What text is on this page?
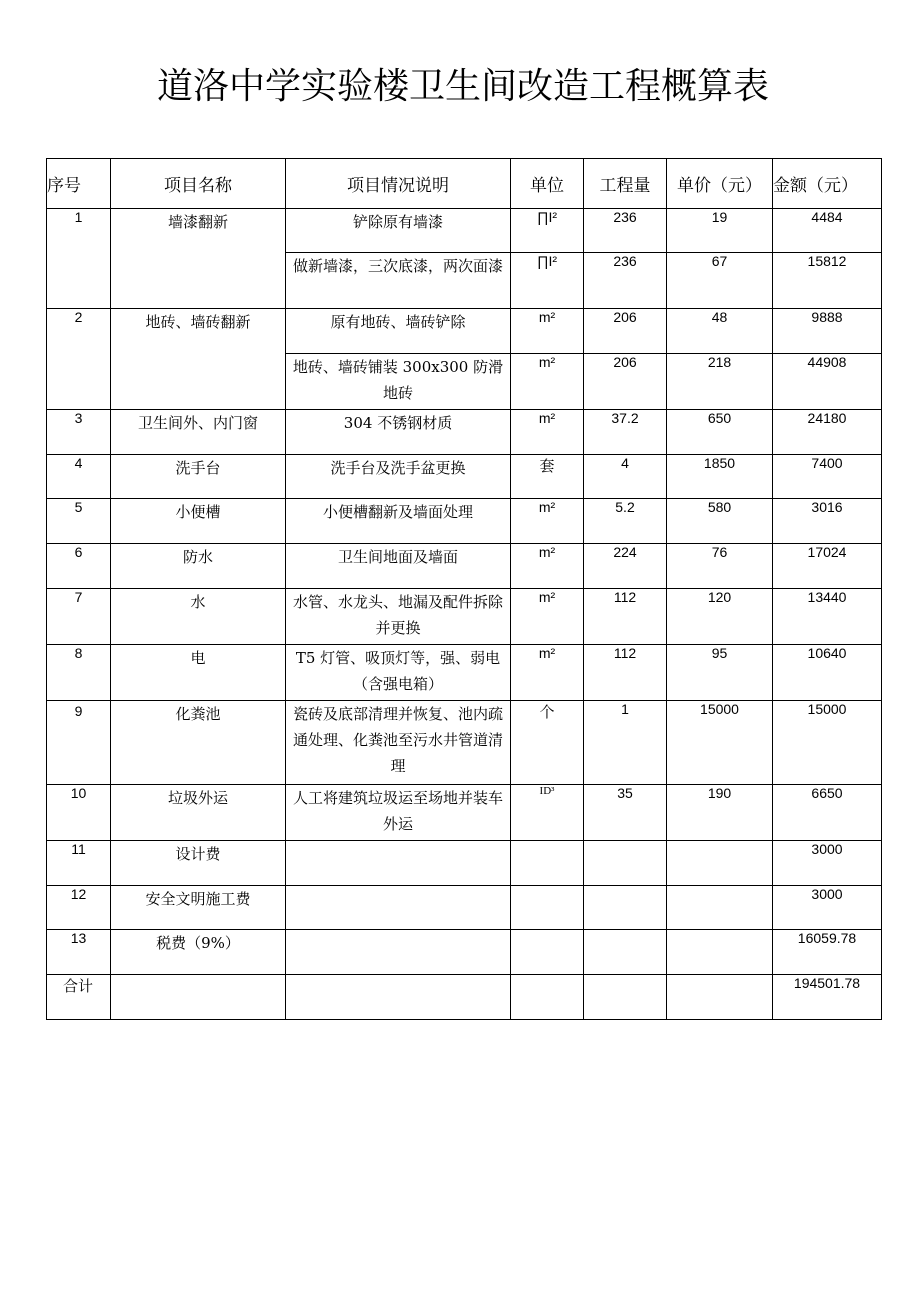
道洛中学实验楼卫生间改造工程概算表
序号	项目名称	项目情况说明	单位	工程量	单价（元）	金额（元）
1	墙漆翻新	铲除原有墙漆	∏I²	236	19	4484
		做新墙漆，三次底漆，两次面漆	∏I²	236	67	15812
2	地砖、墙砖翻新	原有地砖、墙砖铲除	m²	206	48	9888
		地砖、墙砖铺装 300x300 防滑地砖	m²	206	218	44908
3	卫生间外、内门窗	304 不锈钢材质	m²	37.2	650	24180
4	洗手台	洗手台及洗手盆更换	套	4	1850	7400
5	小便槽	小便槽翻新及墙面处理	m²	5.2	580	3016
6	防水	卫生间地面及墙面	m²	224	76	17024
7	水	水管、水龙头、地漏及配件拆除并更换	m²	112	120	13440
8	电	T5 灯管、吸顶灯等，强、弱电（含强电箱）	m²	112	95	10640
9	化粪池	瓷砖及底部清理并恢复、池内疏通处理、化粪池至污水井管道清理	个	1	15000	15000
10	垃圾外运	人工将建筑垃圾运至场地并装车外运	ID³	35	190	6650
11	设计费					3000
12	安全文明施工费					3000
13	税费（9%）					16059.78
合计						194501.78
